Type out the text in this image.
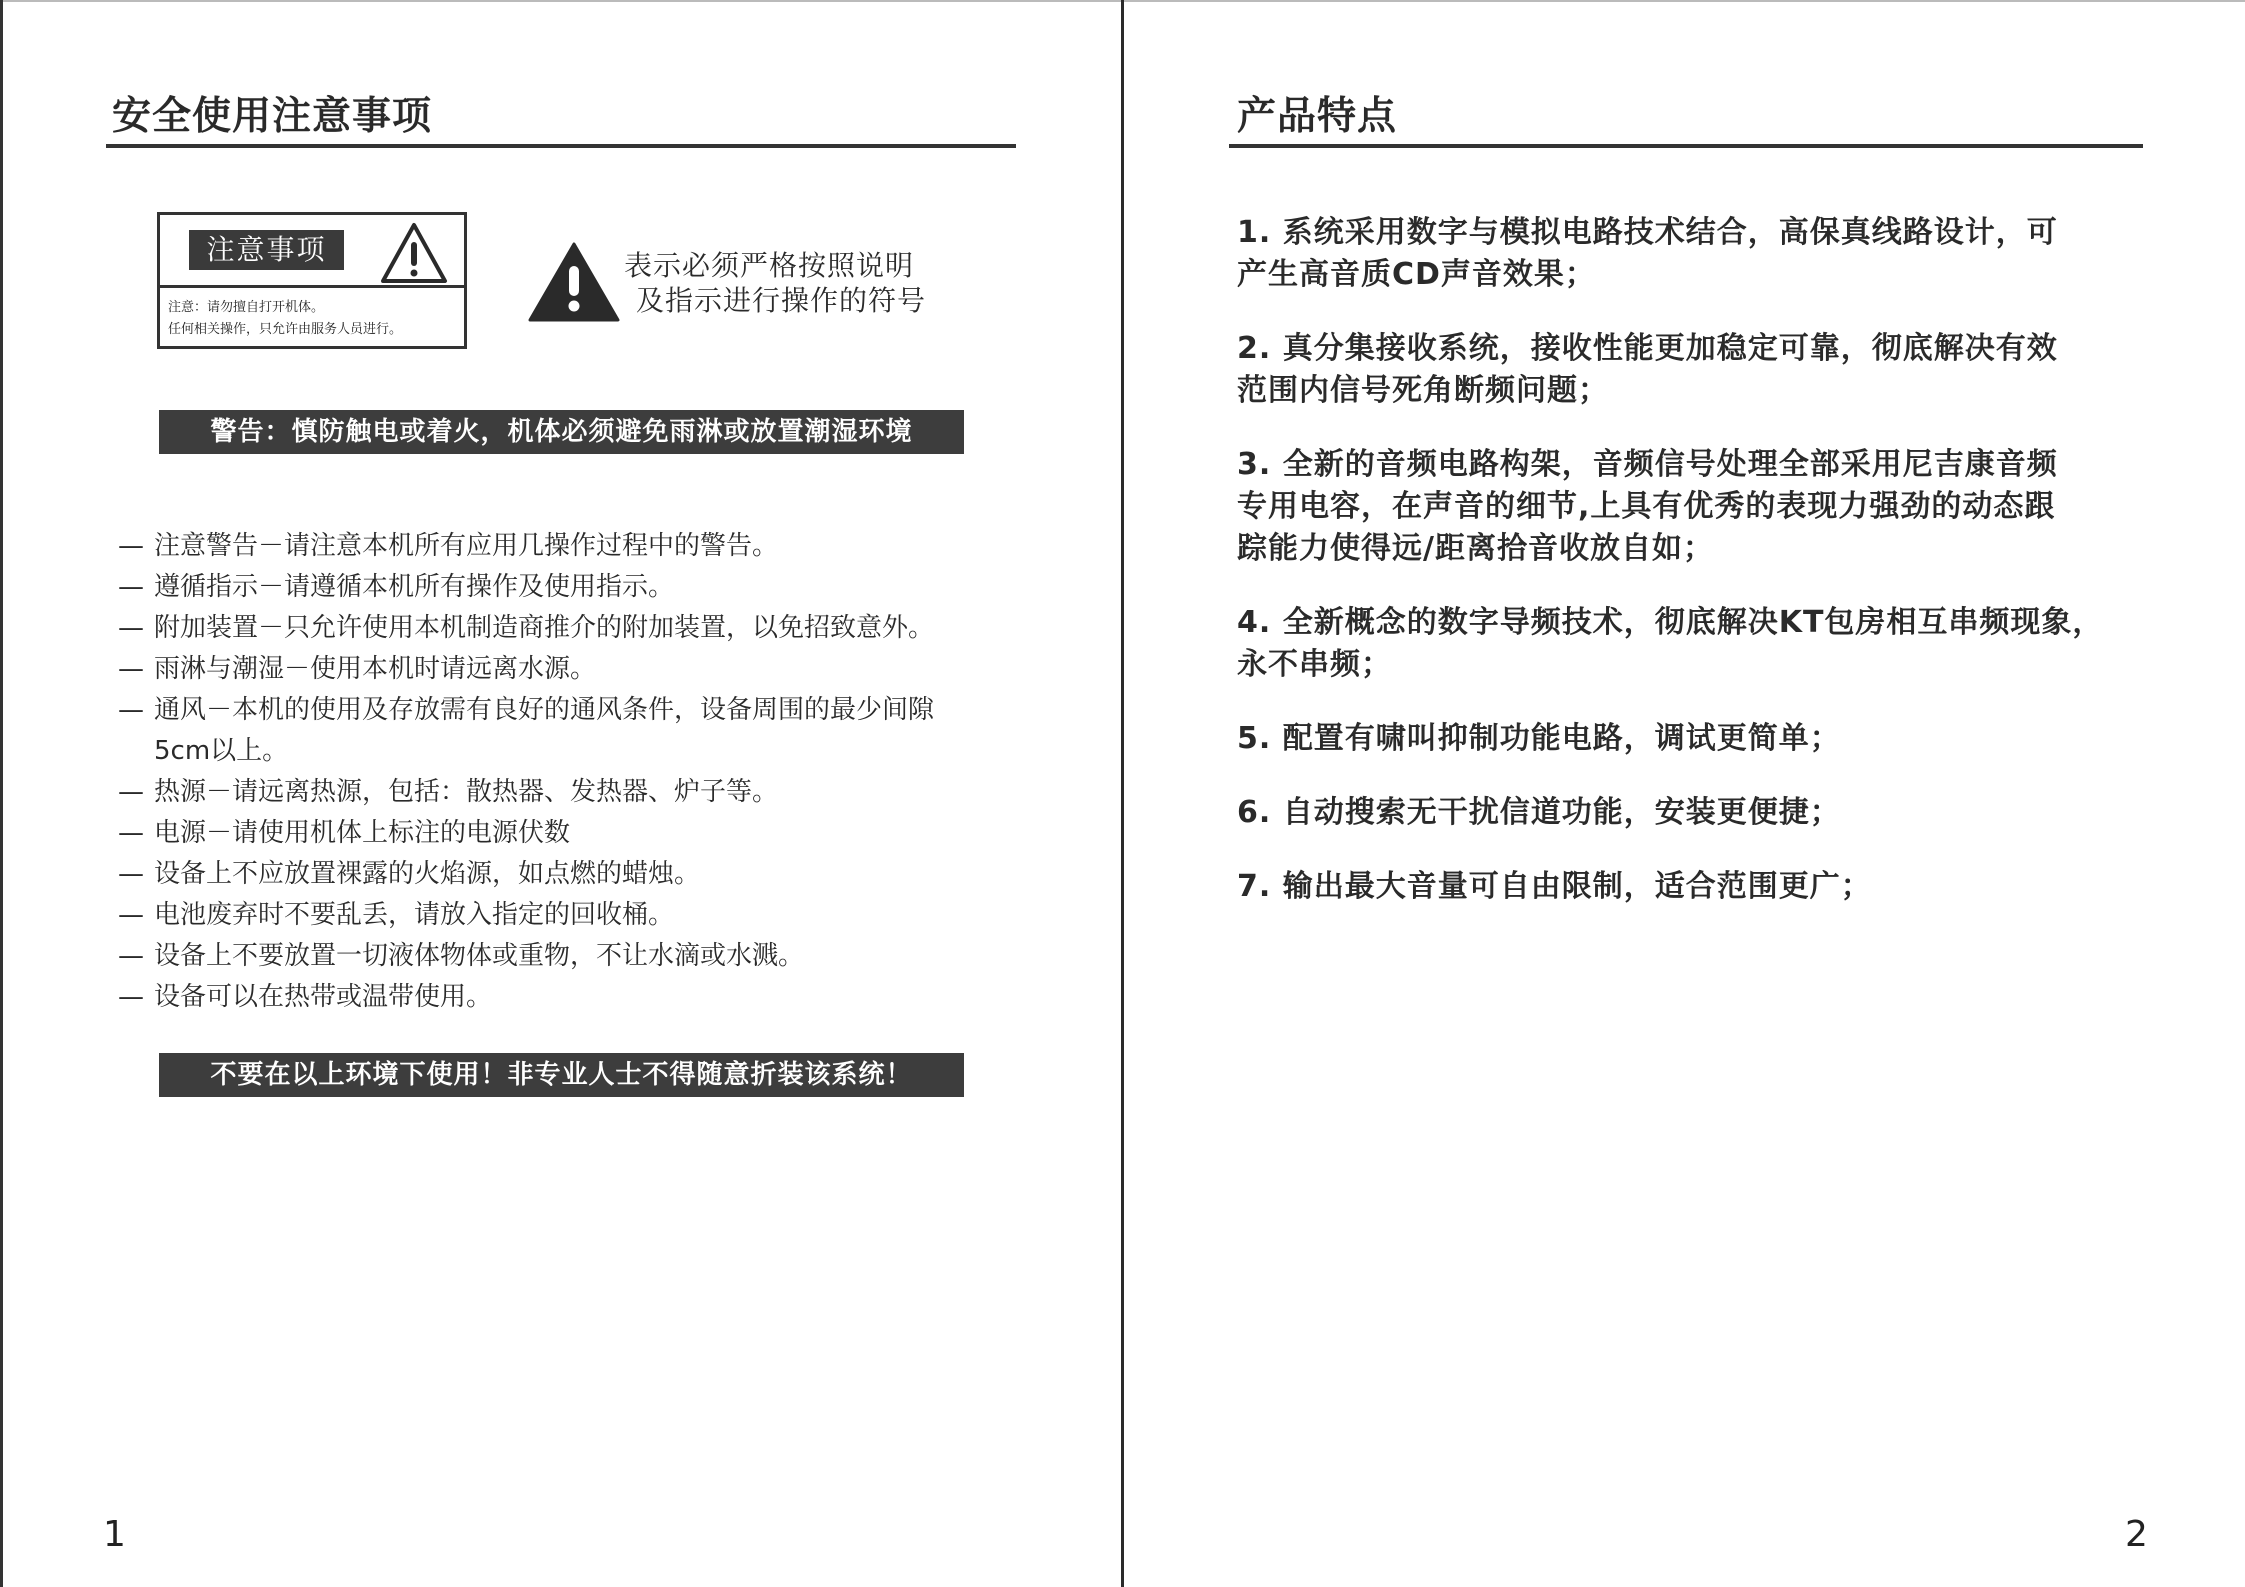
安全使用注意事项
注意事项
注意：请勿擅自打开机体。
任何相关操作，只允许由服务人员进行。
表示必须严格按照说明
及指示进行操作的符号
警告：慎防触电或着火，机体必须避免雨淋或放置潮湿环境
— 注意警告－请注意本机所有应用几操作过程中的警告。
— 遵循指示－请遵循本机所有操作及使用指示。
— 附加装置－只允许使用本机制造商推介的附加装置，以免招致意外。
— 雨淋与潮湿－使用本机时请远离水源。
— 通风－本机的使用及存放需有良好的通风条件，设备周围的最少间隙
5cm以上。
— 热源－请远离热源，包括：散热器、发热器、炉子等。
— 电源－请使用机体上标注的电源伏数
— 设备上不应放置裸露的火焰源，如点燃的蜡烛。
— 电池废弃时不要乱丢，请放入指定的回收桶。
— 设备上不要放置一切液体物体或重物，不让水滴或水溅。
— 设备可以在热带或温带使用。
不要在以上环境下使用！非专业人士不得随意折装该系统！
1
产品特点
1. 系统采用数字与模拟电路技术结合，高保真线路设计，可
产生高音质CD声音效果；
2. 真分集接收系统，接收性能更加稳定可靠，彻底解决有效
范围内信号死角断频问题；
3. 全新的音频电路构架，音频信号处理全部采用尼吉康音频
专用电容，在声音的细节,上具有优秀的表现力强劲的动态跟
踪能力使得远/距离拾音收放自如；
4. 全新概念的数字导频技术，彻底解决KT包房相互串频现象，
永不串频；
5. 配置有啸叫抑制功能电路，调试更简单；
6. 自动搜索无干扰信道功能，安装更便捷；
7. 输出最大音量可自由限制，适合范围更广；
2
